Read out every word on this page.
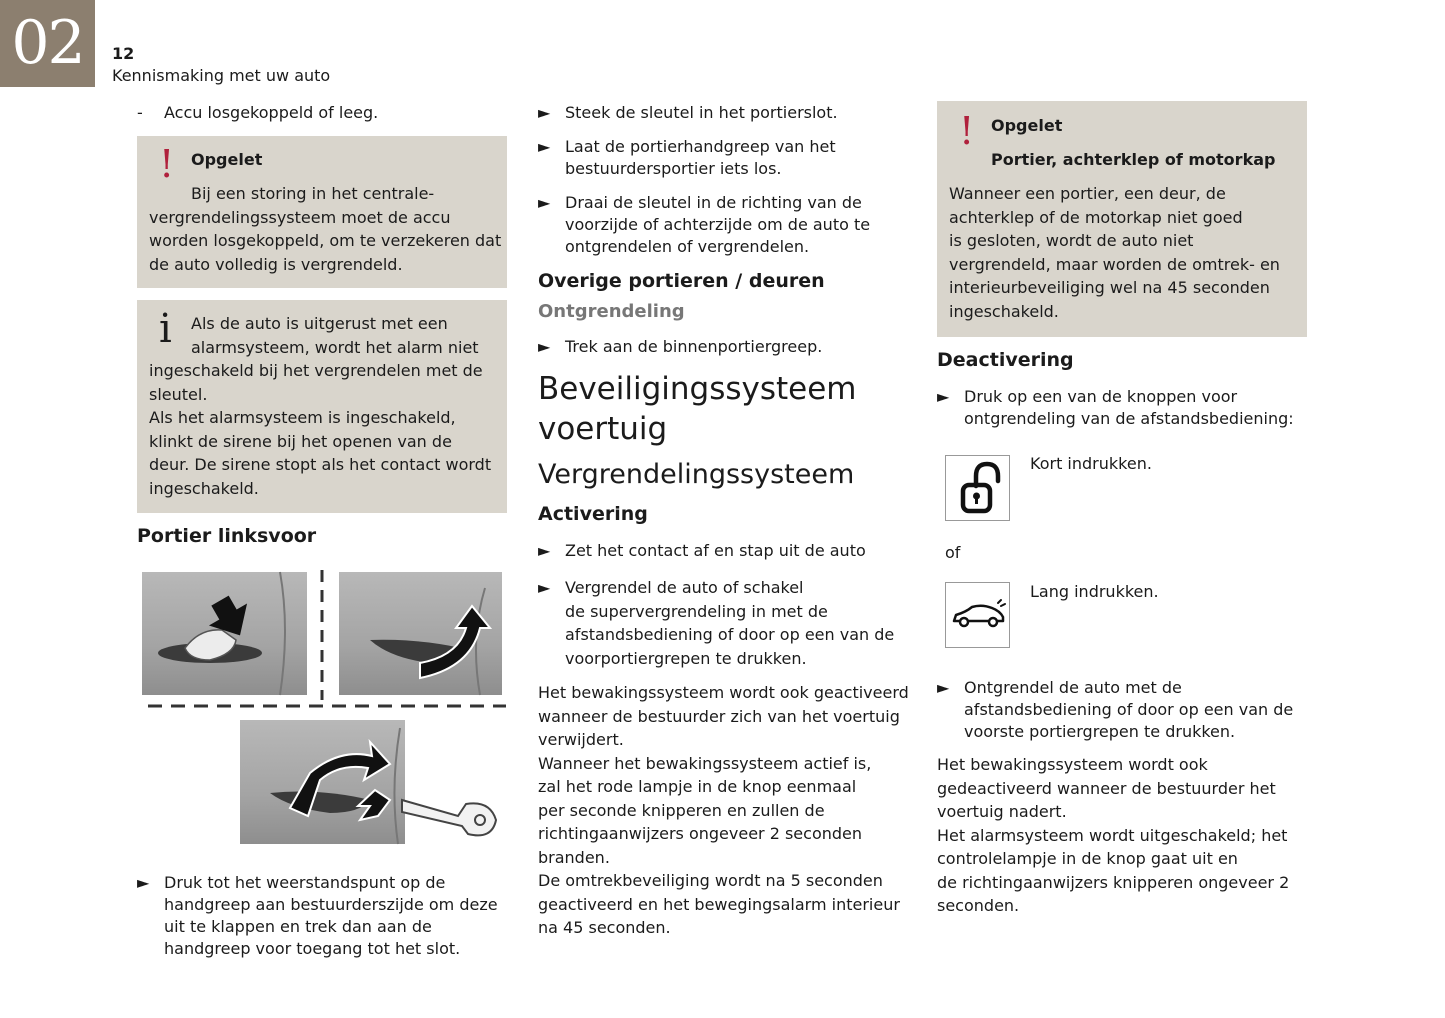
02	12
Kennismaking met uw auto
- Accu losgekoppeld of leeg.
! Opgelet
Bij een storing in het centrale-
vergrendelingssysteem moet de accu
worden losgekoppeld, om te verzekeren dat
de auto volledig is vergrendeld.
i Als de auto is uitgerust met een
alarmsysteem, wordt het alarm niet
ingeschakeld bij het vergrendelen met de
sleutel.
Als het alarmsysteem is ingeschakeld,
klinkt de sirene bij het openen van de
deur. De sirene stopt als het contact wordt
ingeschakeld.
Portier linksvoor
► Druk tot het weerstandspunt op de
handgreep aan bestuurderszijde om deze
uit te klappen en trek dan aan de
handgreep voor toegang tot het slot.
► Steek de sleutel in het portierslot.
► Laat de portierhandgreep van het
bestuurdersportier iets los.
► Draai de sleutel in de richting van de
voorzijde of achterzijde om de auto te
ontgrendelen of vergrendelen.
Overige portieren / deuren
Ontgrendeling
► Trek aan de binnenportiergreep.
Beveiligingssysteem
voertuig
Vergrendelingssysteem
Activering
► Zet het contact af en stap uit de auto
► Vergrendel de auto of schakel
de supervergrendeling in met de
afstandsbediening of door op een van de
voorportiergrepen te drukken.
Het bewakingssysteem wordt ook geactiveerd
wanneer de bestuurder zich van het voertuig
verwijdert.
Wanneer het bewakingssysteem actief is,
zal het rode lampje in de knop eenmaal
per seconde knipperen en zullen de
richtingaanwijzers ongeveer 2 seconden
branden.
De omtrekbeveiliging wordt na 5 seconden
geactiveerd en het bewegingsalarm interieur
na 45 seconden.
! Opgelet
Portier, achterklep of motorkap
Wanneer een portier, een deur, de
achterklep of de motorkap niet goed
is gesloten, wordt de auto niet
vergrendeld, maar worden de omtrek- en
interieurbeveiliging wel na 45 seconden
ingeschakeld.
Deactivering
► Druk op een van de knoppen voor
ontgrendeling van de afstandsbediening:
Kort indrukken.
of
Lang indrukken.
► Ontgrendel de auto met de
afstandsbediening of door op een van de
voorste portiergrepen te drukken.
Het bewakingssysteem wordt ook
gedeactiveerd wanneer de bestuurder het
voertuig nadert.
Het alarmsysteem wordt uitgeschakeld; het
controlelampje in de knop gaat uit en
de richtingaanwijzers knipperen ongeveer 2
seconden.
